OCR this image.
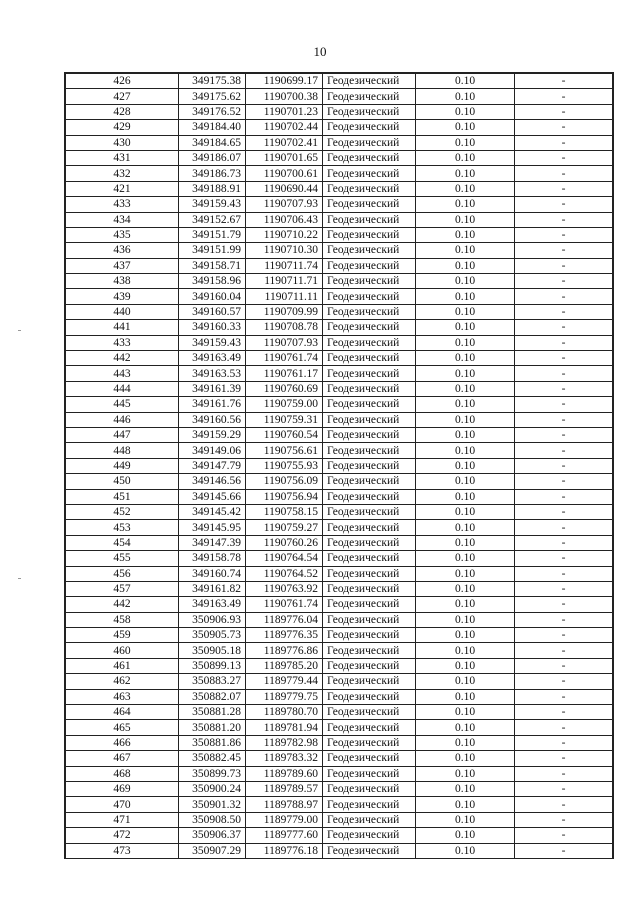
10
426	349175.38	1190699.17	Геодезический	0.10	-
427	349175.62	1190700.38	Геодезический	0.10	-
428	349176.52	1190701.23	Геодезический	0.10	-
429	349184.40	1190702.44	Геодезический	0.10	-
430	349184.65	1190702.41	Геодезический	0.10	-
431	349186.07	1190701.65	Геодезический	0.10	-
432	349186.73	1190700.61	Геодезический	0.10	-
421	349188.91	1190690.44	Геодезический	0.10	-
433	349159.43	1190707.93	Геодезический	0.10	-
434	349152.67	1190706.43	Геодезический	0.10	-
435	349151.79	1190710.22	Геодезический	0.10	-
436	349151.99	1190710.30	Геодезический	0.10	-
437	349158.71	1190711.74	Геодезический	0.10	-
438	349158.96	1190711.71	Геодезический	0.10	-
439	349160.04	1190711.11	Геодезический	0.10	-
440	349160.57	1190709.99	Геодезический	0.10	-
441	349160.33	1190708.78	Геодезический	0.10	-
433	349159.43	1190707.93	Геодезический	0.10	-
442	349163.49	1190761.74	Геодезический	0.10	-
443	349163.53	1190761.17	Геодезический	0.10	-
444	349161.39	1190760.69	Геодезический	0.10	-
445	349161.76	1190759.00	Геодезический	0.10	-
446	349160.56	1190759.31	Геодезический	0.10	-
447	349159.29	1190760.54	Геодезический	0.10	-
448	349149.06	1190756.61	Геодезический	0.10	-
449	349147.79	1190755.93	Геодезический	0.10	-
450	349146.56	1190756.09	Геодезический	0.10	-
451	349145.66	1190756.94	Геодезический	0.10	-
452	349145.42	1190758.15	Геодезический	0.10	-
453	349145.95	1190759.27	Геодезический	0.10	-
454	349147.39	1190760.26	Геодезический	0.10	-
455	349158.78	1190764.54	Геодезический	0.10	-
456	349160.74	1190764.52	Геодезический	0.10	-
457	349161.82	1190763.92	Геодезический	0.10	-
442	349163.49	1190761.74	Геодезический	0.10	-
458	350906.93	1189776.04	Геодезический	0.10	-
459	350905.73	1189776.35	Геодезический	0.10	-
460	350905.18	1189776.86	Геодезический	0.10	-
461	350899.13	1189785.20	Геодезический	0.10	-
462	350883.27	1189779.44	Геодезический	0.10	-
463	350882.07	1189779.75	Геодезический	0.10	-
464	350881.28	1189780.70	Геодезический	0.10	-
465	350881.20	1189781.94	Геодезический	0.10	-
466	350881.86	1189782.98	Геодезический	0.10	-
467	350882.45	1189783.32	Геодезический	0.10	-
468	350899.73	1189789.60	Геодезический	0.10	-
469	350900.24	1189789.57	Геодезический	0.10	-
470	350901.32	1189788.97	Геодезический	0.10	-
471	350908.50	1189779.00	Геодезический	0.10	-
472	350906.37	1189777.60	Геодезический	0.10	-
473	350907.29	1189776.18	Геодезический	0.10	-
